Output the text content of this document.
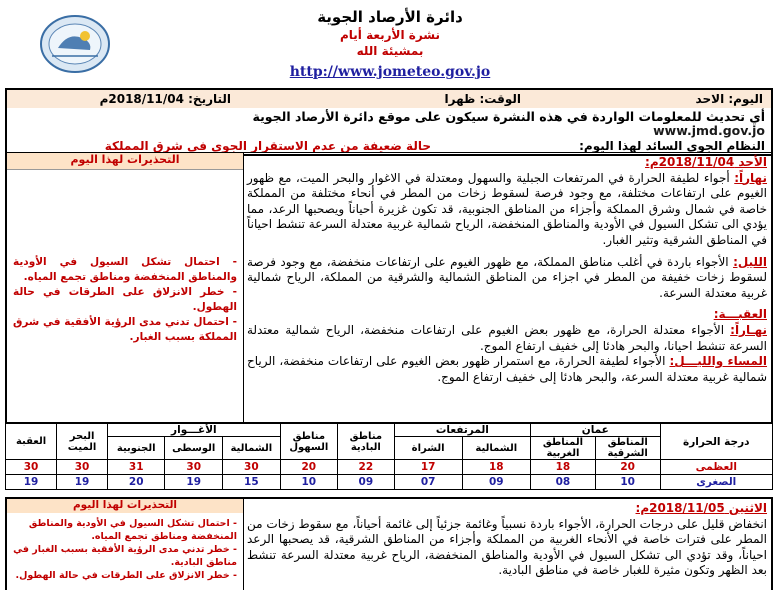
دائرة الأرصاد الجوية
نشرة الأربعة أيام
بمشيئة الله
http://www.jometeo.gov.jo
اليوم: الاحد
الوقت: ظهرا
التاريخ: 2018/11/04م
أي تحديث للمعلومات الواردة في هذه النشرة سيكون على موقع دائرة الأرصاد الجوية
www.jmd.gov.jo
النظام الجوي السائد لهذا اليوم:
حالة ضعيفة من عدم الاستقرار الجوي في شرق المملكة
التحذيرات لهذا اليوم
- احتمال تشكل السيول في الأودية والمناطق المنخفضة ومناطق تجمع المياه.
- خطر الانزلاق على الطرقات في حالة الهطول.
- احتمال تدني مدى الرؤية الأفقية في شرق المملكة بسبب الغبار.
الأحد 2018/11/04م:
نهاراً: أجواء لطيفة الحرارة في المرتفعات الجبلية والسهول ومعتدلة في الاغوار والبحر الميت، مع ظهور الغيوم على ارتفاعات مختلفة، مع وجود فرصة لسقوط زخات من المطر في أنحاء مختلفة من المملكة خاصة في شمال وشرق المملكة وأجزاء من المناطق الجنوبية، قد تكون غزيرة أحياناً ويصحبها الرعد، مما يؤدي الى تشكل السيول في الأودية والمناطق المنخفضة، الرياح شمالية غربية معتدلة السرعة تنشط احياناً في المناطق الشرقية وتثير الغبار.
الليل: الأجواء باردة في أغلب مناطق المملكة، مع ظهور الغيوم على ارتفاعات منخفضة، مع وجود فرصة لسقوط زخات خفيفة من المطر في اجزاء من المناطق الشمالية والشرقية من المملكة، الرياح شمالية غربية معتدلة السرعة.
العقبـــة:
نهـاراً: الأجواء معتدلة الحرارة، مع ظهور بعض الغيوم على ارتفاعات منخفضة، الرياح شمالية معتدلة السرعة تنشط احيانا، والبحر هادئا إلى خفيف ارتفاع الموج.
المساء والليـــل: الأجواء لطيفة الحرارة، مع استمرار ظهور بعض الغيوم على ارتفاعات منخفضة، الرياح شمالية غربية معتدلة السرعة، والبحر هادئا إلى خفيف ارتفاع الموج.
العقبة	البحر الميت	الأغـــوار			مناطق السهول	مناطق البادية	المرتفعات		عمان		درجة الحرارة
		الجنوبية	الوسطى	الشمالية			الشراة	الشمالية	المناطق الغربية	المناطق الشرقية	
30	30	31	30	30	20	22	17	18	18	20	العظمى
19	19	20	19	15	10	09	07	09	08	10	الصغرى
التحذيرات لهذا اليوم
- احتمال تشكل السيول في الأودية والمناطق المنخفضة ومناطق تجمع المياه.
- خطر تدني مدى الرؤية الأفقية بسبب الغبار في مناطق البادية.
- خطر الانزلاق على الطرقات في حالة الهطول.
الاثنين 2018/11/05م:
انخفاض قليل على درجات الحرارة، الأجواء باردة نسبياً وغائمة جزئياً إلى غائمة أحياناً، مع سقوط زخات من المطر على فترات خاصة في الأنحاء الغربية من المملكة وأجزاء من المناطق الشرقية، قد يصحبها الرعد احياناً، وقد تؤدي الى تشكل السيول في الأودية والمناطق المنخفضة، الرياح غربية معتدلة السرعة تنشط بعد الظهر وتكون مثيرة للغبار خاصة في مناطق البادية.
